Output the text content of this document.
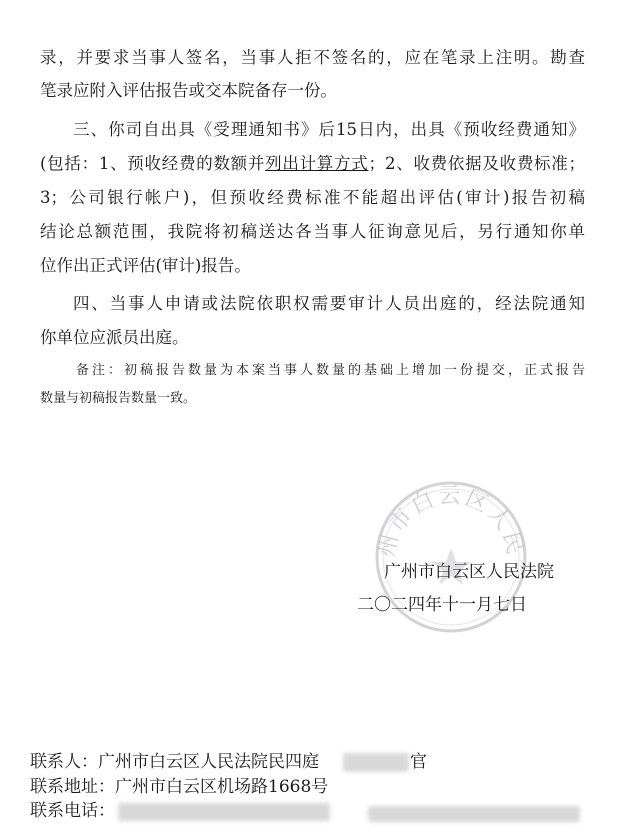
录，并要求当事人签名，当事人拒不签名的，应在笔录上注明。勘查
笔录应附入评估报告或交本院备存一份。
三、你司自出具《受理通知书》后15日内，出具《预收经费通知》
(包括：1、预收经费的数额并列出计算方式；2、收费依据及收费标准；
3；公司银行帐户)，但预收经费标准不能超出评估(审计)报告初稿
结论总额范围，我院将初稿送达各当事人征询意见后，另行通知你单
位作出正式评估(审计)报告。
四、当事人申请或法院依职权需要审计人员出庭的，经法院通知
你单位应派员出庭。
备注：初稿报告数量为本案当事人数量的基础上增加一份提交，正式报告
数量与初稿报告数量一致。
州市白云区人民
广州市白云区人民法院
二〇二四年十一月七日
联系人：广州市白云区人民法院民四庭	官
联系地址：广州市白云区机场路1668号
联系电话：
